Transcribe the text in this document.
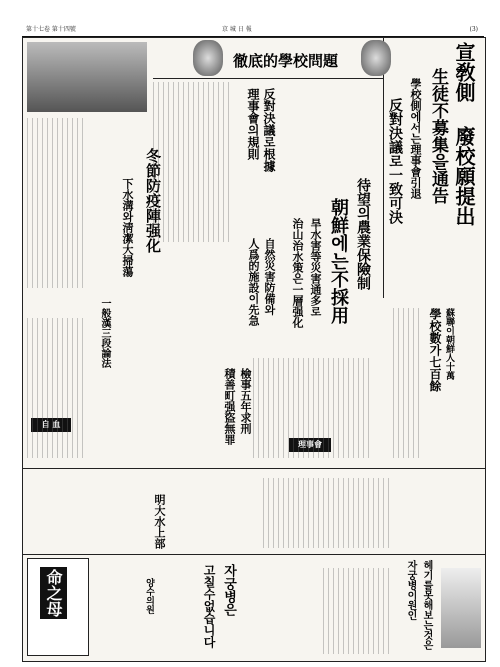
第十七卷 第十四號	京 城 日 報	(3)
宣敎側 廢校願提出
生徒不募集을通告
學校側에서는理事會引退
反對決議로一致可決
徹底的學校問題
反對決議로根據
理事會의規則
待望의農業保險制
朝鮮에는不採用
旱水害等災害通多로
治山治水策은一層强化
自然災害防備와
人爲的施設이先急
冬節防疫陣强化
下水溝와淸潔大掃蕩
一般漢三段論法	學校數가七百餘 蘇聯이朝鮮人十萬
檢事五年求刑
積善町强盜無罪
明大水上部
命之母	자궁병은
고칠수없습니다
양수의원	헤기를못해보는것은
자궁병이원인
自 血
理事會
